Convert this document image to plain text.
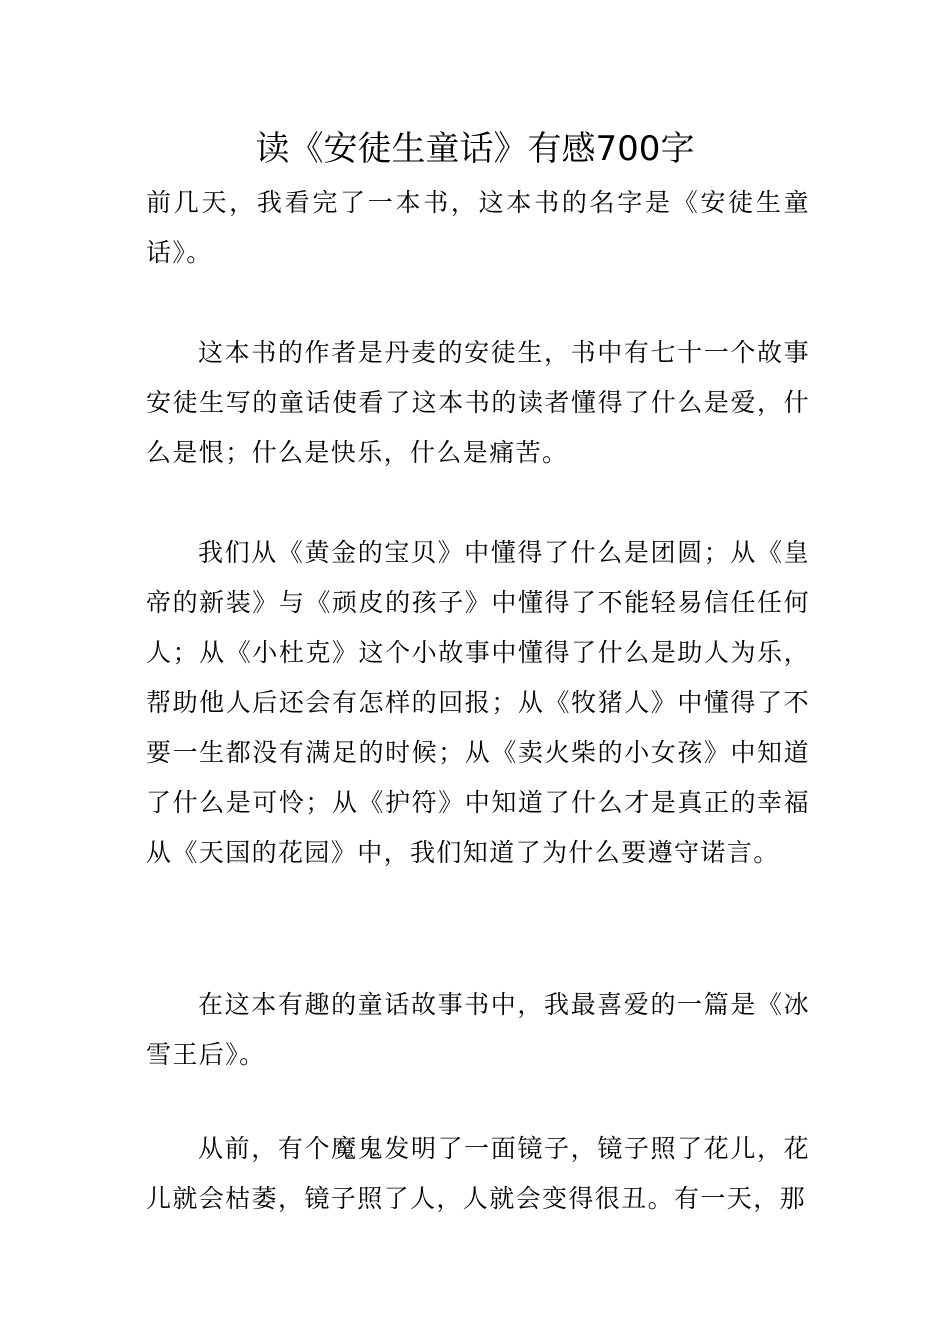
读《安徒生童话》有感700字

前几天，我看完了一本书，这本书的名字是《安徒生童话》。

这本书的作者是丹麦的安徒生，书中有七十一个故事安徒生写的童话使看了这本书的读者懂得了什么是爱，什么是恨；什么是快乐，什么是痛苦。

我们从《黄金的宝贝》中懂得了什么是团圆；从《皇帝的新装》与《顽皮的孩子》中懂得了不能轻易信任任何人；从《小杜克》这个小故事中懂得了什么是助人为乐，帮助他人后还会有怎样的回报；从《牧猪人》中懂得了不要一生都没有满足的时候；从《卖火柴的小女孩》中知道了什么是可怜；从《护符》中知道了什么才是真正的幸福从《天国的花园》中，我们知道了为什么要遵守诺言。

在这本有趣的童话故事书中，我最喜爱的一篇是《冰雪王后》。

从前，有个魔鬼发明了一面镜子，镜子照了花儿，花儿就会枯萎，镜子照了人，人就会变得很丑。有一天，那
